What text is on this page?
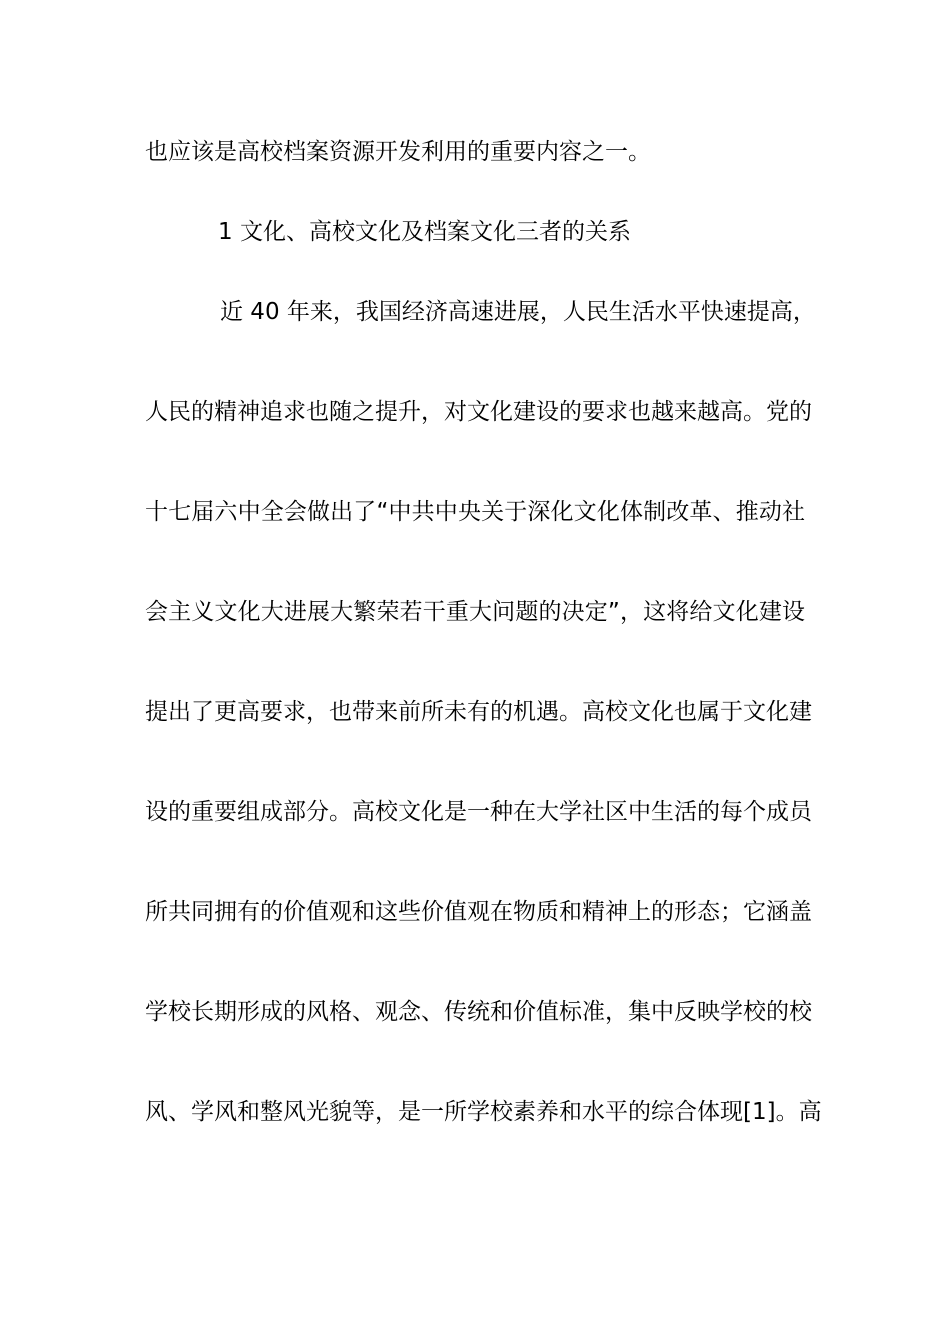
也应该是高校档案资源开发利用的重要内容之一。
1 文化、高校文化及档案文化三者的关系
近 40 年来，我国经济高速进展，人民生活水平快速提高，
人民的精神追求也随之提升，对文化建设的要求也越来越高。党的
十七届六中全会做出了“中共中央关于深化文化体制改革、推动社
会主义文化大进展大繁荣若干重大问题的决定”，这将给文化建设
提出了更高要求，也带来前所未有的机遇。高校文化也属于文化建
设的重要组成部分。高校文化是一种在大学社区中生活的每个成员
所共同拥有的价值观和这些价值观在物质和精神上的形态；它涵盖
学校长期形成的风格、观念、传统和价值标准，集中反映学校的校
风、学风和整风光貌等，是一所学校素养和水平的综合体现[1]。高
